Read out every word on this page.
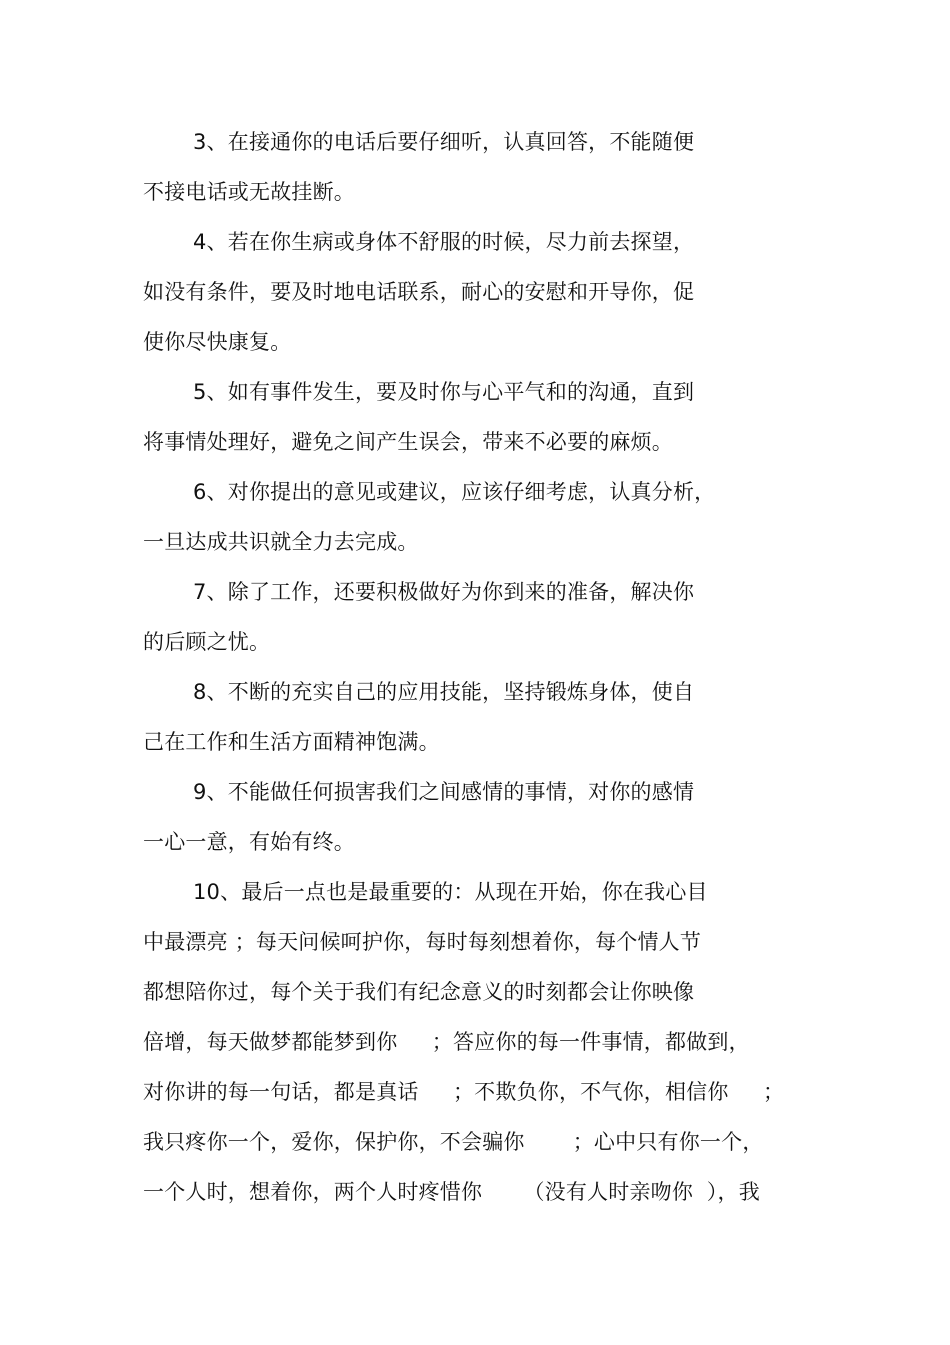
3、在接通你的电话后要仔细听，认真回答，不能随便
不接电话或无故挂断。
4、若在你生病或身体不舒服的时候，尽力前去探望，
如没有条件，要及时地电话联系，耐心的安慰和开导你，促
使你尽快康复。
5、如有事件发生，要及时你与心平气和的沟通，直到
将事情处理好，避免之间产生误会，带来不必要的麻烦。
6、对你提出的意见或建议，应该仔细考虑，认真分析，
一旦达成共识就全力去完成。
7、除了工作，还要积极做好为你到来的准备，解决你
的后顾之忧。
8、不断的充实自己的应用技能，坚持锻炼身体，使自
己在工作和生活方面精神饱满。
9、不能做任何损害我们之间感情的事情，对你的感情
一心一意，有始有终。
10、最后一点也是最重要的：从现在开始，你在我心目
中最漂亮 ；每天问候呵护你，每时每刻想着你，每个情人节
都想陪你过，每个关于我们有纪念意义的时刻都会让你映像
倍增，每天做梦都能梦到你     ；答应你的每一件事情，都做到，
对你讲的每一句话，都是真话     ；不欺负你，不气你，相信你     ；
我只疼你一个，爱你，保护你，不会骗你       ；心中只有你一个，
一个人时，想着你，两个人时疼惜你      （没有人时亲吻你  ），我
